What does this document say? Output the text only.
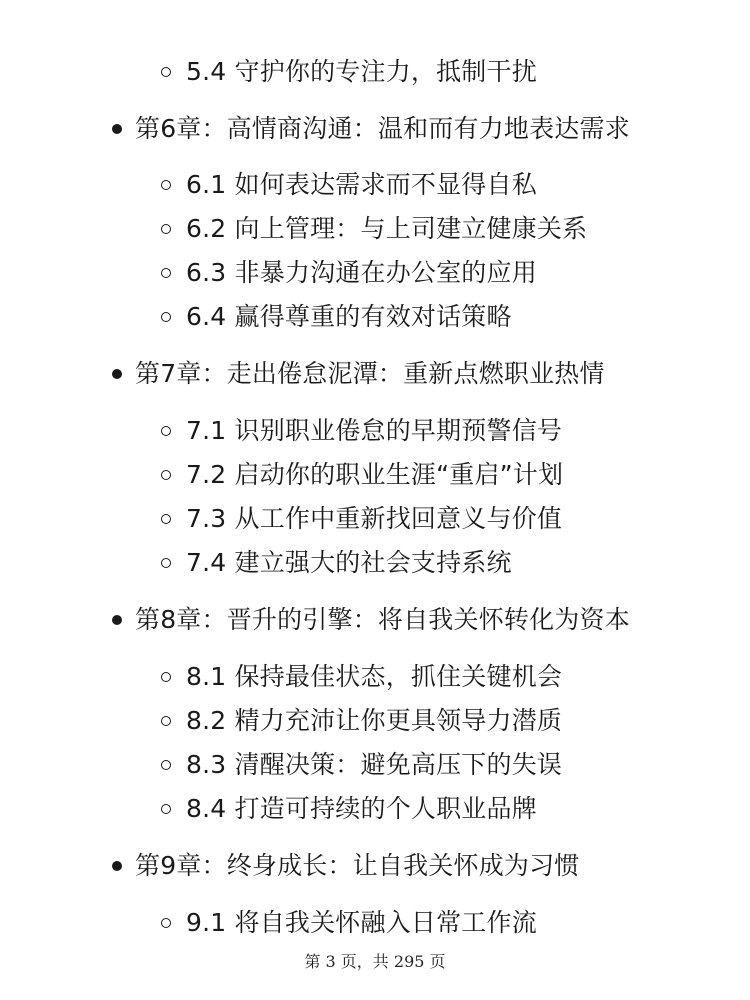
5.4 守护你的专注力，抵制干扰
第6章：高情商沟通：温和而有力地表达需求
6.1 如何表达需求而不显得自私
6.2 向上管理：与上司建立健康关系
6.3 非暴力沟通在办公室的应用
6.4 赢得尊重的有效对话策略
第7章：走出倦怠泥潭：重新点燃职业热情
7.1 识别职业倦怠的早期预警信号
7.2 启动你的职业生涯“重启”计划
7.3 从工作中重新找回意义与价值
7.4 建立强大的社会支持系统
第8章：晋升的引擎：将自我关怀转化为资本
8.1 保持最佳状态，抓住关键机会
8.2 精力充沛让你更具领导力潜质
8.3 清醒决策：避免高压下的失误
8.4 打造可持续的个人职业品牌
第9章：终身成长：让自我关怀成为习惯
9.1 将自我关怀融入日常工作流
第 3 页，共 295 页
